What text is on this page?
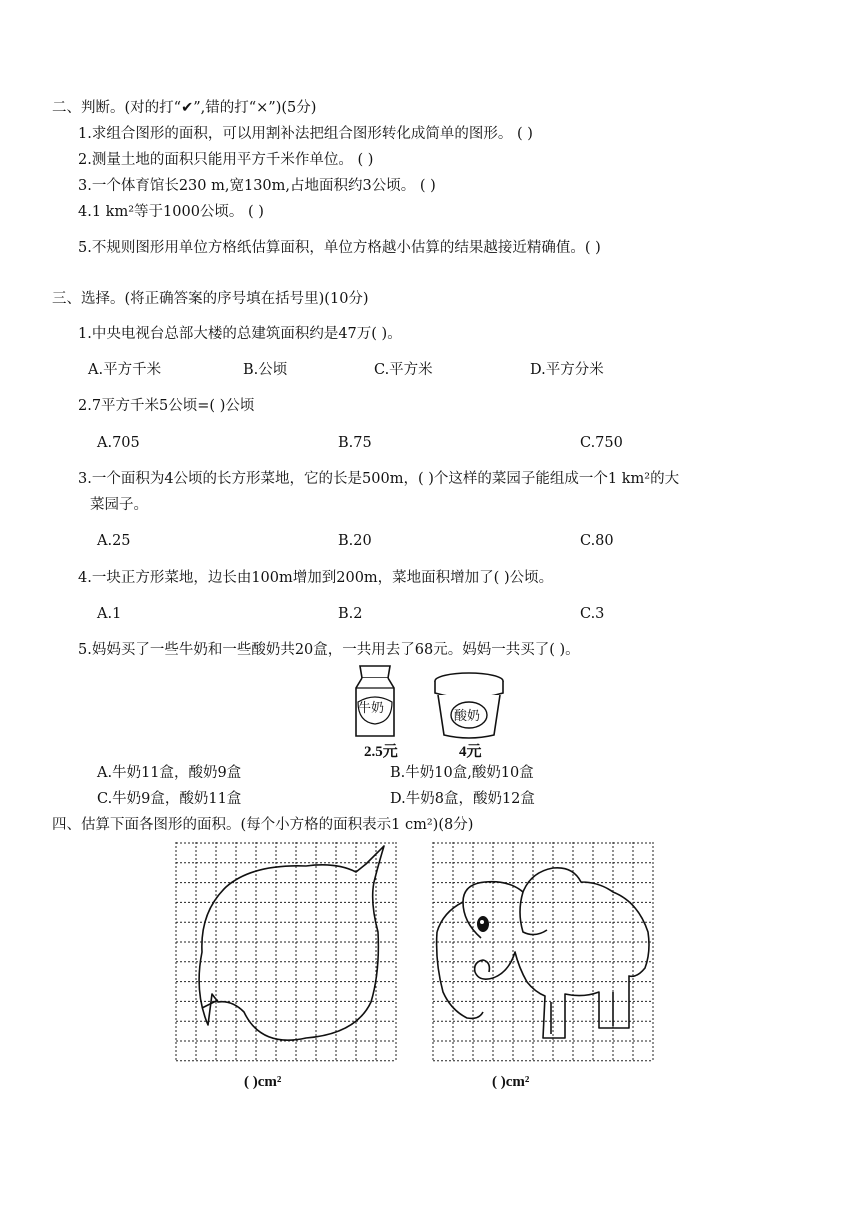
二、判断。(对的打“✔”,错的打“×”)(5分)
1.求组合图形的面积，可以用割补法把组合图形转化成简单的图形。 ( )
2.测量土地的面积只能用平方千米作单位。 ( )
3.一个体育馆长230 m,宽130m,占地面积约3公顷。 ( )
4.1 km²等于1000公顷。 ( )
5.不规则图形用单位方格纸估算面积，单位方格越小估算的结果越接近精确值。( )
三、选择。(将正确答案的序号填在括号里)(10分)
1.中央电视台总部大楼的总建筑面积约是47万( )。
A.平方千米	B.公顷	C.平方米	D.平方分米
2.7平方千米5公顷=( )公顷
A.705	B.75	C.750
3.一个面积为4公顷的长方形菜地，它的长是500m，( )个这样的菜园子能组成一个1 km²的大
菜园子。
A.25	B.20	C.80
4.一块正方形菜地，边长由100m增加到200m，菜地面积增加了( )公顷。
A.1	B.2	C.3
5.妈妈买了一些牛奶和一些酸奶共20盒，一共用去了68元。妈妈一共买了( )。
牛奶
2.5元
酸奶
4元
A.牛奶11盒，酸奶9盒	B.牛奶10盒,酸奶10盒
C.牛奶9盒，酸奶11盒	D.牛奶8盒，酸奶12盒
四、估算下面各图形的面积。(每个小方格的面积表示1 cm²)(8分)
( )cm²	( )cm²
